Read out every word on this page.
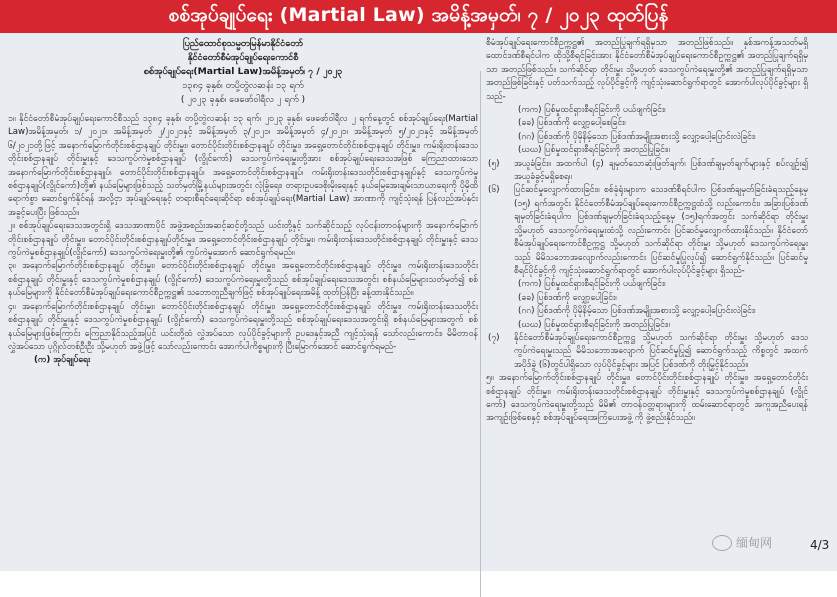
စစ်အုပ်ချုပ်ရေး (Martial Law) အမိန့်အမှတ်၊ ၇ / ၂၀၂၃ ထုတ်ပြန်
ပြည်ထောင်စုသမ္မတမြန်မာနိုင်ငံတော်
နိုင်ငံတော်စီမံအုပ်ချုပ်ရေးကောင်စီ
စစ်အုပ်ချုပ်ရေး(Martial Law)အမိန့်အမှတ်၊ ၇ / ၂၀၂၃
၁၃၈၄ ခုနှစ်၊ တပို့တွဲလဆန်း ၁၃ ရက်
( ၂၀၂၃ ခုနှစ်၊ ဖေဖော်ဝါရီလ ၂ ရက် )

၁။ နိုင်ငံတော်စီမံအုပ်ချုပ်ရေးကောင်စီသည် ၁၃၈၄ ခုနှစ်၊ တပို့တွဲလဆန်း ၁၃ ရက်၊ ၂၀၂၃ ခုနှစ်၊ ဖေဖော်ဝါရီလ ၂ ရက်နေ့တွင် စစ်အုပ်ချုပ်ရေး(Martial Law)အမိန့်အမှတ်၊ ၁/ ၂၀၂၁၊ အမိန့်အမှတ် ၂/၂၀၂၁နှင့် အမိန့်အမှတ် ၃/၂၀၂၁၊ အမိန့်အမှတ် ၄/၂၀၂၁၊ အမိန့်အမှတ် ၅/၂၀၂၁နှင့် အမိန့်အမှတ် ၆/၂၀၂၁တို့ဖြင့် အနောက်မြောက်တိုင်းစစ်ဌာနချုပ် တိုင်းမှူး၊ တောင်ပိုင်းတိုင်းစစ်ဌာနချုပ် တိုင်းမှူး၊ အရှေ့တောင်တိုင်းစစ်ဌာနချုပ် တိုင်းမှူး၊ ကမ်းရိုးတန်းဒေသတိုင်းစစ်ဌာနချုပ် တိုင်းမှူးနှင့် ဒေသကွပ်ကဲမှုစစ်ဌာနချုပ် (လွိုင်ကော်) ဒေသကွပ်ကဲရေးမှူးတို့အား စစ်အုပ်ချုပ်ရေးဒေသအဖြစ် ကြေညာထားသော အနောက်မြောက်တိုင်းစစ်ဌာနချုပ်၊ တောင်ပိုင်းတိုင်းစစ်ဌာနချုပ်၊ အရှေ့တောင်တိုင်းစစ်ဌာနချုပ်၊ ကမ်းရိုးတန်းဒေသတိုင်းစစ်ဌာနချုပ်နှင့် ဒေသကွပ်ကဲမှုစစ်ဌာနချုပ်(လွိုင်ကော်)တို့၏ နယ်မြေများဖြစ်သည့် သတ်မှတ်မြို့နယ်များအတွင်း လုံခြုံရေး၊ တရားဥပဒေစိုးမိုးရေးနှင့် နယ်မြေအေးချမ်းသာယာရေးကို ပိုမိုထိရောက်စွာ ဆောင်ရွက်နိုင်ရန် အလို့ငှာ အုပ်ချုပ်ရေးနှင့် တရားစီရင်ရေးဆိုင်ရာ စစ်အုပ်ချုပ်ရေး(Martial Law) အာဏာကို ကျင့်သုံးရန် ပြန်လည်အပ်နှင်းအခွင့်ပေးပြီး ဖြစ်သည်။

၂။ စစ်အုပ်ချုပ်ရေးဒေသအတွင်းရှိ ဒေသအာဏာပိုင် အဖွဲ့အစည်းအဆင့်ဆင့်တို့သည် ယင်းတို့နှင့် သက်ဆိုင်သည့် လုပ်ငန်းတာဝန်များကို အနောက်မြောက်တိုင်းစစ်ဌာနချုပ် တိုင်းမှူး၊ တောင်ပိုင်းတိုင်းစစ်ဌာနချုပ်တိုင်းမှူး၊ အရှေ့တောင်တိုင်းစစ်ဌာနချုပ် တိုင်းမှူး၊ ကမ်းရိုးတန်းဒေသတိုင်းစစ်ဌာနချုပ် တိုင်းမှူးနှင့် ဒေသကွပ်ကဲမှုစစ်ဌာနချုပ်(လွိုင်ကော်) ဒေသကွပ်ကဲရေးမှူးတို့၏ ကွပ်ကဲမှုအောက် ဆောင်ရွက်ရမည်။

၃။ အနောက်မြောက်တိုင်းစစ်ဌာနချုပ် တိုင်းမှူး၊ တောင်ပိုင်းတိုင်းစစ်ဌာနချုပ် တိုင်းမှူး၊ အရှေ့တောင်တိုင်းစစ်ဌာနချုပ် တိုင်းမှူး၊ ကမ်းရိုးတန်းဒေသတိုင်းစစ်ဌာနချုပ် တိုင်းမှူးနှင့် ဒေသကွပ်ကဲမှုစစ်ဌာနချုပ် (လွိုင်ကော်) ဒေသကွပ်ကဲရေးမှူးတို့သည် စစ်အုပ်ချုပ်ရေးဒေသအတွင်း စစ်နယ်မြေများသတ်မှတ်၍ စစ်နယ်မြေများကို နိုင်ငံတော်စီမံအုပ်ချုပ်ရေးကောင်စီဥက္ကဋ္ဌ၏ သဘောတူညီချက်ဖြင့် စစ်အုပ်ချုပ်ရေးအမိန့် ထုတ်ပြန်ပြီး ခန့်ထားနိုင်သည်။

၄။ အနောက်မြောက်တိုင်းစစ်ဌာနချုပ် တိုင်းမှူး၊ တောင်ပိုင်းတိုင်းစစ်ဌာနချုပ် တိုင်းမှူး၊ အရှေ့တောင်တိုင်းစစ်ဌာနချုပ် တိုင်းမှူး၊ ကမ်းရိုးတန်းဒေသတိုင်းစစ်ဌာနချုပ် တိုင်းမှူးနှင့် ဒေသကွပ်ကဲမှုစစ်ဌာနချုပ် (လွိုင်ကော်) ဒေသကွပ်ကဲရေးမှူးတို့သည် စစ်အုပ်ချုပ်ရေးဒေသအတွင်းရှိ စစ်နယ်မြေများအတွက် စစ်နယ်မြေများဖြစ်ကြောင်း ကြေညာနိုင်သည့်အပြင် ယင်းတို့ထံ လွှဲအပ်သော လုပ်ပိုင်ခွင့်များကို ဥပဒေနှင့်အညီ ကျင့်သုံးရန် သော်လည်းကောင်း၊ မိမိတာဝန်လွှဲအပ်သော ပုဂ္ဂိုလ်တစ်ဦးဦး သို့မဟုတ် အဖွဲ့ဖြင့် သော်လည်းကောင်း အောက်ပါကိစ္စများကို ပြီးမြောက်အောင် ဆောင်ရွက်ရမည်-

(က) အုပ်ချုပ်ရေး

စီမံအုပ်ချုပ်ရေးကောင်စီဥက္ကဋ္ဌ၏ အတည်ပြုချက်ရရှိမှသာ အတည်ဖြစ်သည်။ နှစ်အကန့်အသတ်မရှိ ထောင်ဒဏ်စီရင်ပါက ထိုသို့စီရင်ခြင်းအား နိုင်ငံတော်စီမံအုပ်ချုပ်ရေးကောင်စီဥက္ကဋ္ဌ၏ အတည်ပြုချက်ရရှိမှသာ အတည်ဖြစ်သည်။ သက်ဆိုင်ရာ တိုင်းမှူး သို့မဟုတ် ဒေသကွပ်ကဲရေးမှူးတို့၏ အတည်ပြုချက်ရရှိမှသာ အတည်ဖြစ်ခြင်းနှင့် ပတ်သက်သည့် လုပ်ပိုင်ခွင့်ကို ကျင့်သုံးဆောင်ရွက်ရာတွင် အောက်ပါလုပ်ပိုင်ခွင့်များ ရှိသည်-

(ကက) ပြစ်မှုထင်ရှားစီရင်ခြင်းကို ပယ်ဖျက်ခြင်း၊
(ခခ) ပြစ်ဒဏ်ကို လျှော့ပေါ့စေခြင်း၊
(ဂဂ) ပြစ်ဒဏ်ကို ပိုမိုနိမ့်သော ပြစ်ဒဏ်အမျိုးအစားသို့ လျှော့ပေါ့ပြောင်းလဲခြင်း၊
(ဃဃ) ပြစ်မှုထင်ရှားစီရင်ခြင်းကို အတည်ပြုခြင်း။
(၅)	အယူခံခြင်း။ အထက်ပါ (၄) ချမှတ်သောဆုံးဖြတ်ချက်၊ ပြစ်ဒဏ်ချမှတ်ချက်များနှင့် စပ်လျဉ်း၍ အယူခံခွင့်မရှိစေရ။
(၆)	ပြင်ဆင်မှုလျှောက်ထားခြင်း။ စစ်ခုံရုံးများက သေဒဏ်စီရင်ပါက ပြစ်ဒဏ်ချမှတ်ခြင်းခံရသည့်နေ့မှ (၁၅) ရက်အတွင်း နိုင်ငံတော်စီမံအုပ်ချုပ်ရေးကောင်စီဥက္ကဋ္ဌထံသို့ လည်းကောင်း၊ အခြားပြစ်ဒဏ်ချမှတ်ခြင်းခံရပါက ပြစ်ဒဏ်ချမှတ်ခြင်းခံရသည့်နေ့မှ (၁၅)ရက်အတွင်း သက်ဆိုင်ရာ တိုင်းမှူး သို့မဟုတ် ဒေသကွပ်ကဲရေးမှူးထံသို့ လည်းကောင်း ပြင်ဆင်မှုလျှောက်ထားနိုင်သည်။ နိုင်ငံတော်စီမံအုပ်ချုပ်ရေးကောင်စီဥက္ကဋ္ဌ သို့မဟုတ် သက်ဆိုင်ရာ တိုင်းမှူး သို့မဟုတ် ဒေသကွပ်ကဲရေးမှူးသည် မိမိသဘောအလျောက်လည်းကောင်း ပြင်ဆင်မှုပြုလုပ်၍ ဆောင်ရွက်နိုင်သည်။ ပြင်ဆင်မှုစီရင်ပိုင်ခွင့်ကို ကျင့်သုံးဆောင်ရွက်ရာတွင် အောက်ပါလုပ်ပိုင်ခွင့်များ ရှိသည်-
(ကက) ပြစ်မှုထင်ရှားစီရင်ခြင်းကို ပယ်ဖျက်ခြင်း၊
(ခခ) ပြစ်ဒဏ်ကို လျှော့ပေါ့ခြင်း၊
(ဂဂ) ပြစ်ဒဏ်ကို ပိုမိုနိမ့်သော ပြစ်ဒဏ်အမျိုးအစားသို့ လျှော့ပေါ့ပြောင်းလဲခြင်း၊
(ဃဃ) ပြစ်မှုထင်ရှားစီရင်ခြင်းကို အတည်ပြုခြင်း။
(၇)	နိုင်ငံတော်စီမံအုပ်ချုပ်ရေးကောင်စီဥက္ကဋ္ဌ သို့မဟုတ် သက်ဆိုင်ရာ တိုင်းမှူး သို့မဟုတ် ဒေသကွပ်ကဲရေးမှူးသည် မိမိသဘောအလျောက် ပြင်ဆင်မှုပြု၍ ဆောင်ရွက်သည့် ကိစ္စတွင် အထက်အပိုဒ်ခွဲ (၆)တွင်ပါရှိသော လုပ်ပိုင်ခွင့်များ အပြင် ပြစ်ဒဏ်ကို တိုးမြှင့်နိုင်သည်။

၅။ အနောက်မြောက်တိုင်းစစ်ဌာနချုပ် တိုင်းမှူး၊ တောင်ပိုင်းတိုင်းစစ်ဌာနချုပ် တိုင်းမှူး၊ အရှေ့တောင်တိုင်းစစ်ဌာနချုပ် တိုင်းမှူး၊ ကမ်းရိုးတန်းဒေသတိုင်းစစ်ဌာနချုပ် တိုင်းမှူးနှင့် ဒေသကွပ်ကဲမှုစစ်ဌာနချုပ် (လွိုင်ကော်) ဒေသကွပ်ကဲရေးမှူးတို့သည် မိမိ၏ တာဝန်ဝတ္တရားများကို ထမ်းဆောင်ရာတွင် အကူအညီပေးရန် အကျဉ်းဖြစ်စေနှင့် စစ်အုပ်ချုပ်ရေးအကြံပေးအဖွဲ့ ကို ဖွဲ့စည်းနိုင်သည်။

4/3
缅甸网
